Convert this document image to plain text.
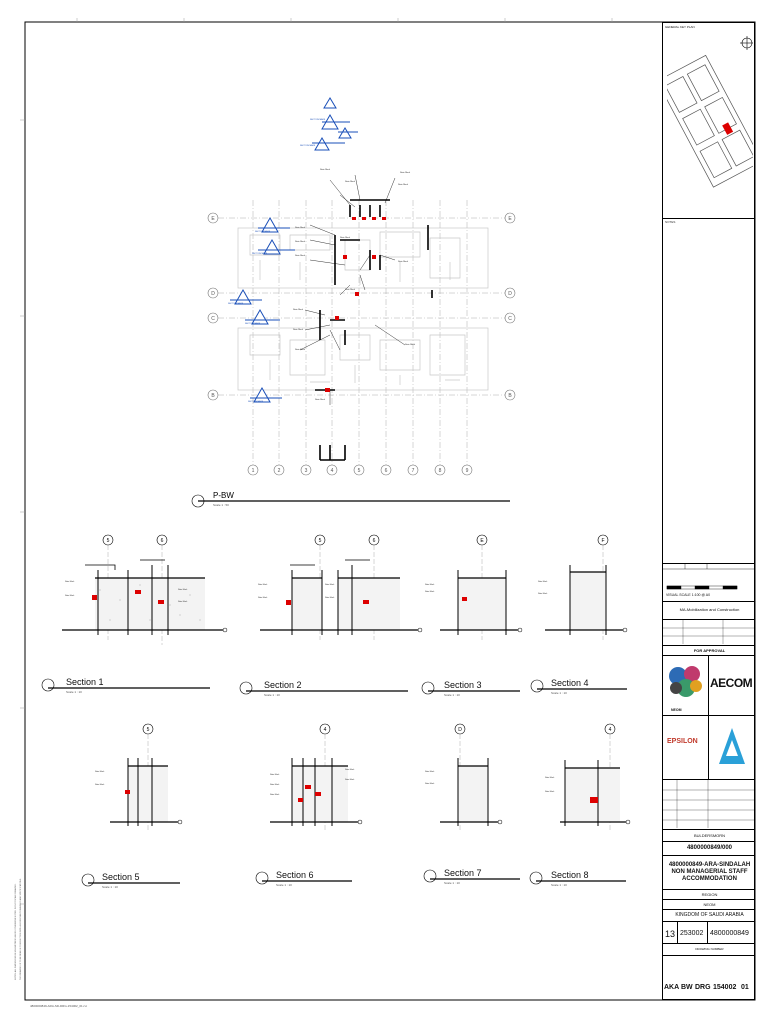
E	E
D	D
C	C
B	B
1	2	3	4	5	6	7	8	9
Note Mark
Note Mark
Note Mark
Note Mark
Note Mark
Note Mark
Note Mark
Note Mark
Note Mark
Note Mark
Note Mark
Note Mark
Note Mark
Note Mark
Note Mark
SECTION MARK
SECTION MARK
SECTION MARK
SECTION MARK
SECTION MARK
SECTION MARK
SECTION MARK
P-BW
Scale 1 : 50
5	6
Note Mark
Note Mark
Note Mark
Note Mark
5	6
Note Mark
Note Mark
Note Mark
Note Mark
E
Note Mark
Note Mark
F
Note Mark
Note Mark
5
Note Mark
Note Mark
4
Note Mark
Note Mark
Note Mark
Note Mark
Note Mark
D
Note Mark
Note Mark
4
Note Mark
Note Mark
NOTES: ALL DIMENSIONS IN MILLIMETRES UNLESS OTHERWISE NOTED. DO NOT SCALE DRAWING.	THIS DRAWING IS TO BE READ IN CONJUNCTION WITH ALL RELEVANT DRAWINGS AND SPECIFICATIONS.
Section 1
Scale 1 : 10
Section 2
Scale 1 : 10
Section 3
Scale 1 : 10
Section 4
Scale 1 : 10
Section 5
Scale 1 : 10
Section 6
Scale 1 : 10
Section 7
Scale 1 : 10
Section 8
Scale 1 : 10
4800000849-ARA-SD-DRG-154002_01.rvt
GENERAL KEY PLAN
NOTES
VISUAL SCALE 1:100 @ A0
MA-Mobilization and Construction
FOR APPROVAL
NEOM
AECOM
EPSILON
BULDERSMORN
4800000849/000
4800000849-ARA-SINDALAH NON MANAGERIAL STAFF ACCOMMODATION
REGION
NEOM
KINGDOM OF SAUDI ARABIA
13 253002 4800000849
DRAWING NUMBER
AKA BW DRG 154002 01
